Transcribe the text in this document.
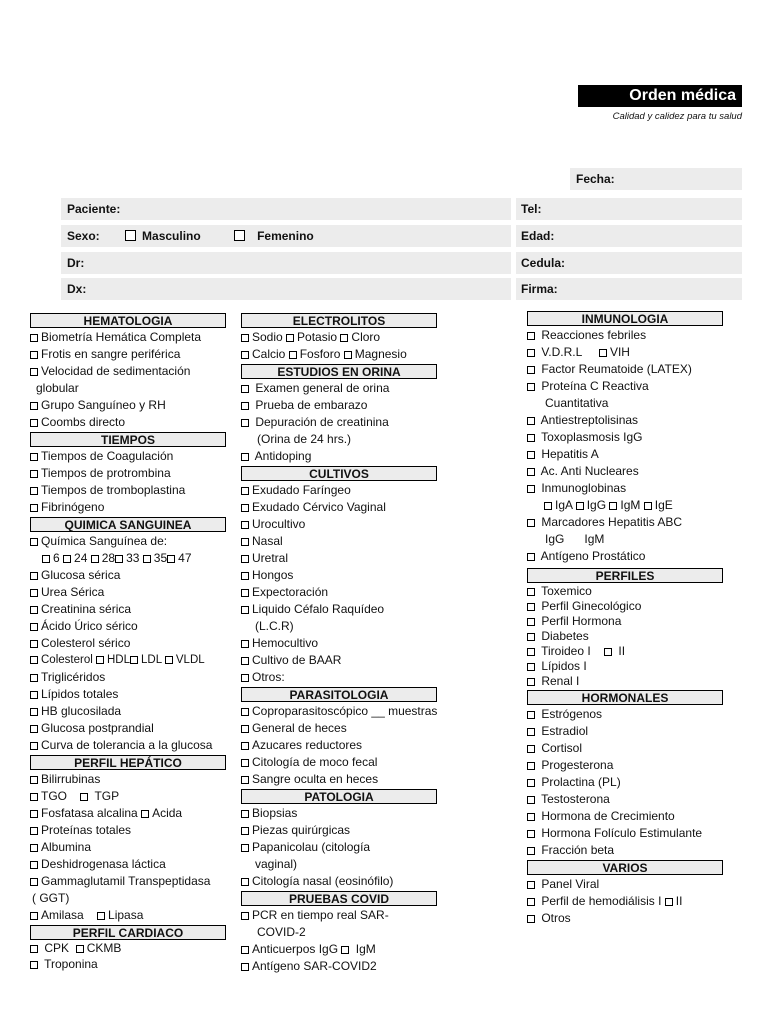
Orden médica
Calidad y calidez para tu salud
Fecha:
Paciente:	Tel:
Sexo:	Masculino	Femenino	Edad:
Dr:	Cedula:
Dx:	Firma:
HEMATOLOGIA
Biometría Hemática Completa
Frotis en sangre periférica
Velocidad de sedimentación
globular
Grupo Sanguíneo y RH
Coombs directo
TIEMPOS
Tiempos de Coagulación
Tiempos de protrombina
Tiempos de tromboplastina
Fibrinógeno
QUIMICA SANGUINEA
Química Sanguínea de:
6 24 28 33 35 47
Glucosa sérica
Urea Sérica
Creatinina sérica
Ácido Úrico sérico
Colesterol sérico
Colesterol HDL LDL VLDL
Triglicéridos
Lípidos totales
HB glucosilada
Glucosa postprandial
Curva de tolerancia a la glucosa
PERFIL HEPÁTICO
Bilirrubinas
TGO TGP
Fosfatasa alcalina Acida
Proteínas totales
Albumina
Deshidrogenasa láctica
Gammaglutamil Transpeptidasa
( GGT)
Amilasa Lipasa
PERFIL CARDIACO
CPK CKMB
Troponina
ELECTROLITOS
Sodio Potasio Cloro
Calcio Fosforo Magnesio
ESTUDIOS EN ORINA
Examen general de orina
Prueba de embarazo
Depuración de creatinina
(Orina de 24 hrs.)
Antidoping
CULTIVOS
Exudado Faríngeo
Exudado Cérvico Vaginal
Urocultivo
Nasal
Uretral
Hongos
Expectoración
Liquido Céfalo Raquídeo
(L.C.R)
Hemocultivo
Cultivo de BAAR
Otros:
PARASITOLOGIA
Coproparasitoscópico __ muestras
General de heces
Azucares reductores
Citología de moco fecal
Sangre oculta en heces
PATOLOGIA
Biopsias
Piezas quirúrgicas
Papanicolau (citología
vaginal)
Citología nasal (eosinófilo)
PRUEBAS COVID
PCR en tiempo real SAR-
COVID-2
Anticuerpos IgG IgM
Antígeno SAR-COVID2
INMUNOLOGIA
Reacciones febriles
V.D.R.L VIH
Factor Reumatoide (LATEX)
Proteína C Reactiva
Cuantitativa
Antiestreptolisinas
Toxoplasmosis IgG
Hepatitis A
Ac. Anti Nucleares
Inmunoglobinas
IgA IgG IgM IgE
Marcadores Hepatitis ABC
IgG IgM
Antígeno Prostático
PERFILES
Toxemico
Perfil Ginecológico
Perfil Hormona
Diabetes
Tiroideo I II
Lípidos I
Renal I
HORMONALES
Estrógenos
Estradiol
Cortisol
Progesterona
Prolactina (PL)
Testosterona
Hormona de Crecimiento
Hormona Folículo Estimulante
Fracción beta
VARIOS
Panel Viral
Perfil de hemodiálisis I II
Otros
